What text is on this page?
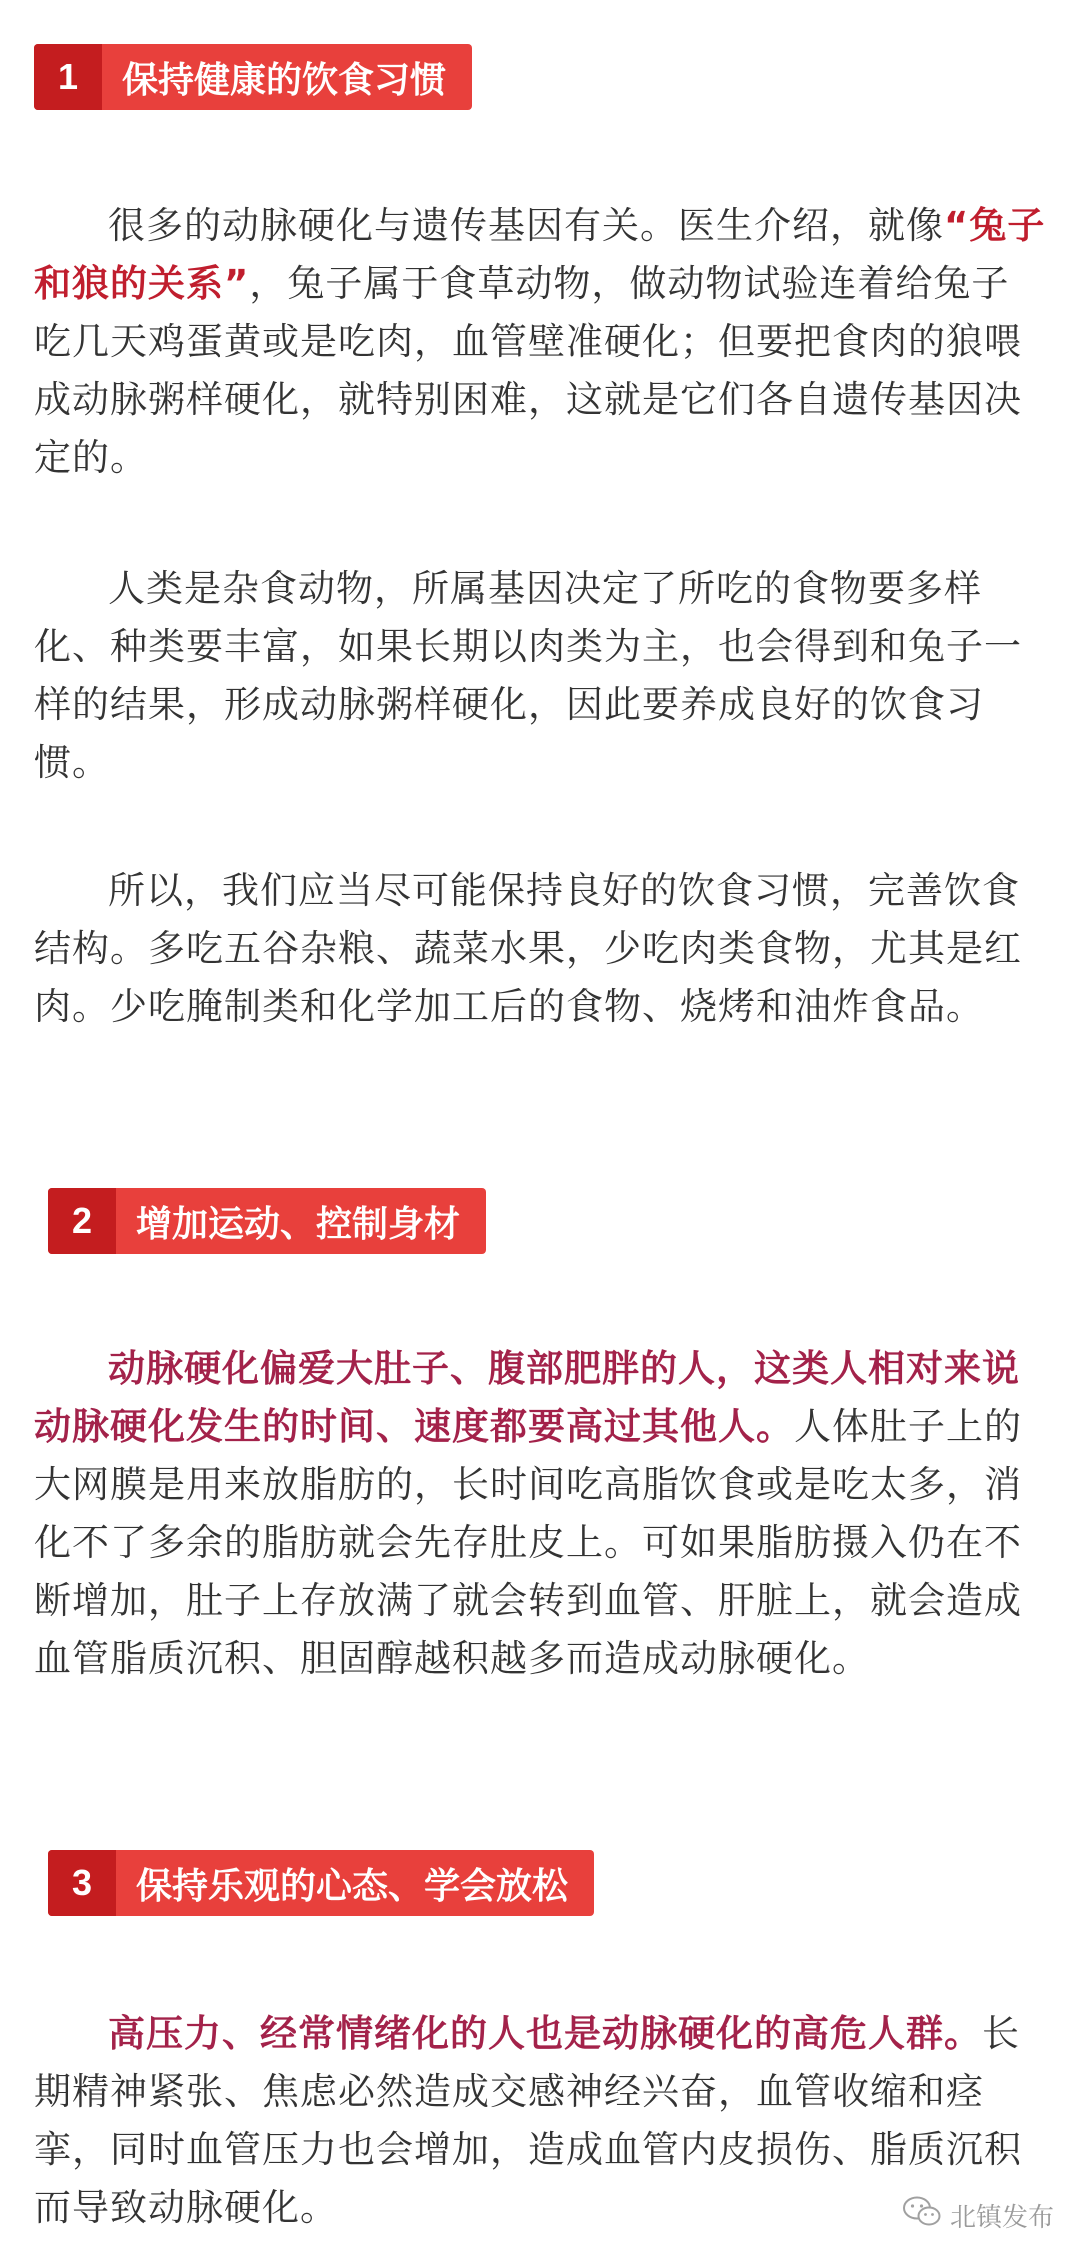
1	保持健康的饮食习惯

很多的动脉硬化与遗传基因有关。医生介绍，就像“兔子和狼的关系”，兔子属于食草动物，做动物试验连着给兔子吃几天鸡蛋黄或是吃肉，血管壁准硬化；但要把食肉的狼喂成动脉粥样硬化，就特别困难，这就是它们各自遗传基因决定的。

人类是杂食动物，所属基因决定了所吃的食物要多样化、种类要丰富，如果长期以肉类为主，也会得到和兔子一样的结果，形成动脉粥样硬化，因此要养成良好的饮食习惯。

所以，我们应当尽可能保持良好的饮食习惯，完善饮食结构。多吃五谷杂粮、蔬菜水果，少吃肉类食物，尤其是红肉。少吃腌制类和化学加工后的食物、烧烤和油炸食品。

2	增加运动、控制身材

动脉硬化偏爱大肚子、腹部肥胖的人，这类人相对来说动脉硬化发生的时间、速度都要高过其他人。人体肚子上的大网膜是用来放脂肪的，长时间吃高脂饮食或是吃太多，消化不了多余的脂肪就会先存肚皮上。可如果脂肪摄入仍在不断增加，肚子上存放满了就会转到血管、肝脏上，就会造成血管脂质沉积、胆固醇越积越多而造成动脉硬化。

3	保持乐观的心态、学会放松

高压力、经常情绪化的人也是动脉硬化的高危人群。长期精神紧张、焦虑必然造成交感神经兴奋，血管收缩和痉挛，同时血管压力也会增加，造成血管内皮损伤、脂质沉积而导致动脉硬化。	北镇发布
